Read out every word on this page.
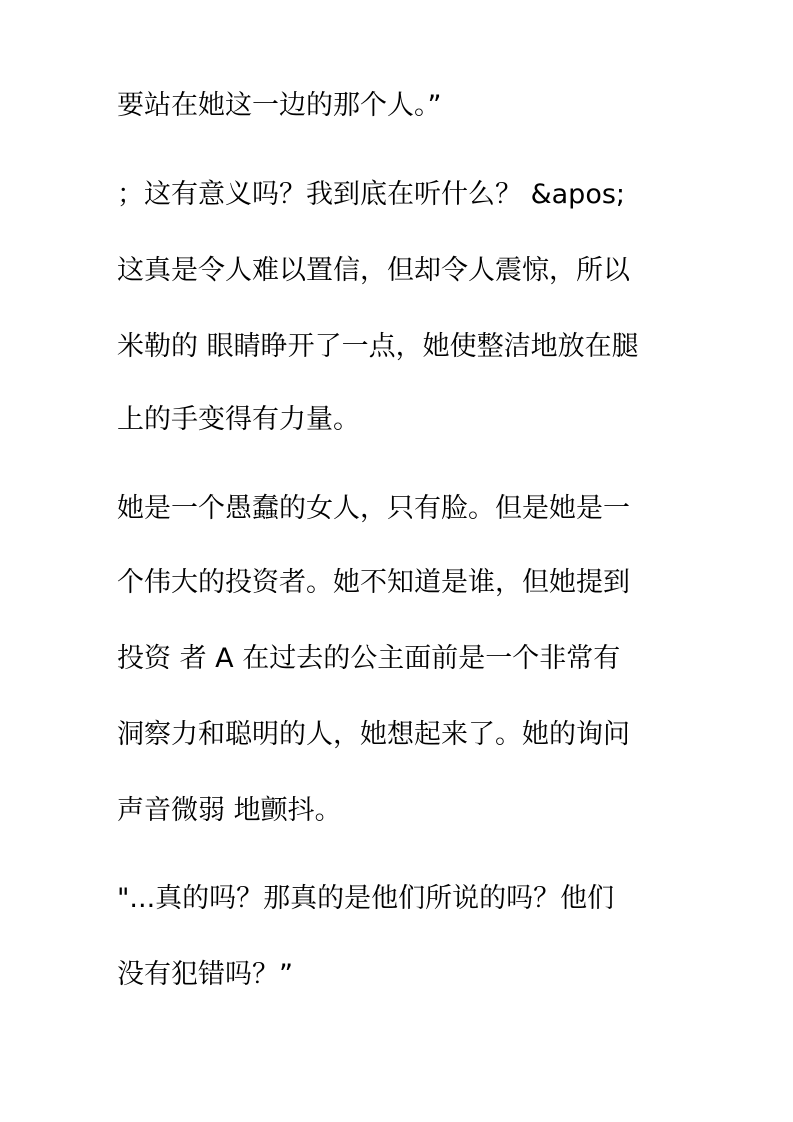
要站在她这一边的那个人。”
；这有意义吗？我到底在听什么？ &apos;
这真是令人难以置信，但却令人震惊，所以
米勒的 眼睛睁开了一点，她使整洁地放在腿
上的手变得有力量。
她是一个愚蠢的女人，只有脸。但是她是一
个伟大的投资者。她不知道是谁，但她提到
投资 者 A 在过去的公主面前是一个非常有
洞察力和聪明的人，她想起来了。她的询问
声音微弱 地颤抖。
"...真的吗？那真的是他们所说的吗？他们
没有犯错吗？”
